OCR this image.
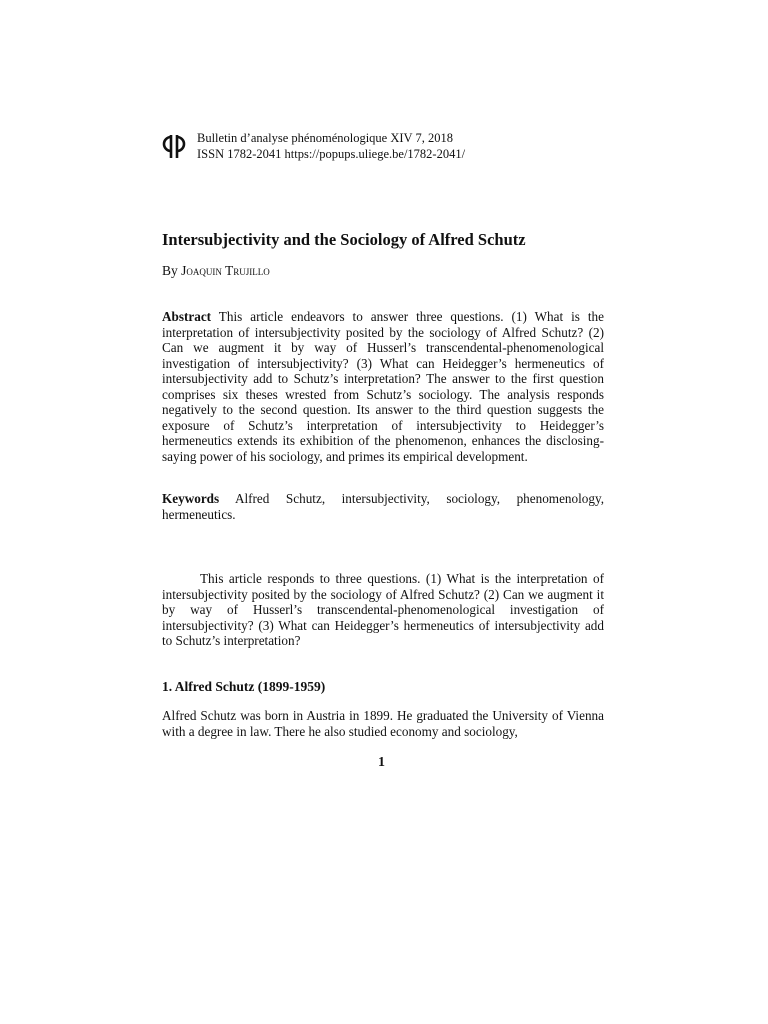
Bulletin d’analyse phénoménologique XIV 7, 2018
ISSN 1782-2041 https://popups.uliege.be/1782-2041/
Intersubjectivity and the Sociology of Alfred Schutz
By Joaquin Trujillo

Abstract This article endeavors to answer three questions. (1) What is the interpretation of intersubjectivity posited by the sociology of Alfred Schutz? (2) Can we augment it by way of Husserl’s transcendental-phenomenological investigation of intersubjectivity? (3) What can Heidegger’s hermeneutics of intersubjectivity add to Schutz’s interpretation? The answer to the first question comprises six theses wrested from Schutz’s sociology. The analysis responds negatively to the second question. Its answer to the third question suggests the exposure of Schutz’s interpretation of intersubjectivity to Heidegger’s hermeneutics extends its exhibition of the phenomenon, enhances the disclosing-saying power of his sociology, and primes its empirical development.

Keywords Alfred Schutz, intersubjectivity, sociology, phenomenology, hermeneutics.

This article responds to three questions. (1) What is the interpretation of intersubjectivity posited by the sociology of Alfred Schutz? (2) Can we augment it by way of Husserl’s transcendental-phenomenological investigation of intersubjectivity? (3) What can Heidegger’s hermeneutics of intersubjectivity add to Schutz’s interpretation?

1. Alfred Schutz (1899-1959)

Alfred Schutz was born in Austria in 1899. He graduated the University of Vienna with a degree in law. There he also studied economy and sociology,

1
